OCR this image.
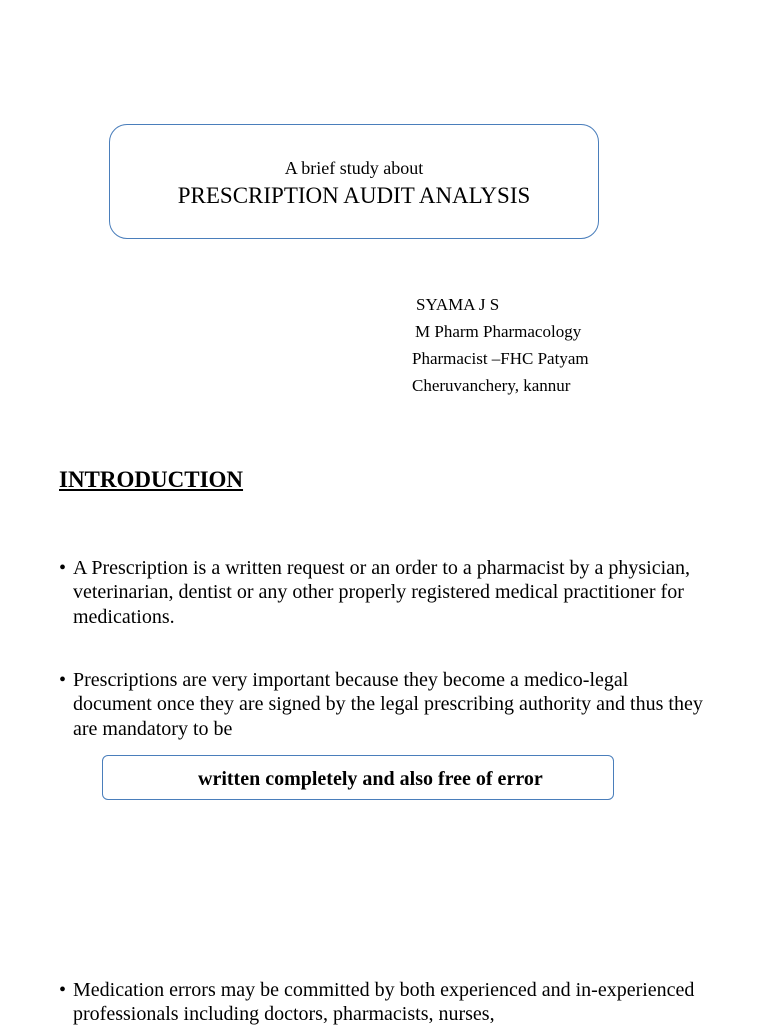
A brief study about
PRESCRIPTION AUDIT ANALYSIS
SYAMA J S
M Pharm Pharmacology
Pharmacist –FHC Patyam
Cheruvanchery, kannur
INTRODUCTION
• A Prescription is a written request or an order to a pharmacist by a physician, veterinarian, dentist or any other properly registered medical practitioner for medications.
• Prescriptions are very important because they become a medico-legal document once they are signed by the legal prescribing authority and thus they are mandatory to be
written completely and also free of error
• Medication errors may be committed by both experienced and in-experienced professionals including doctors, pharmacists, nurses,
